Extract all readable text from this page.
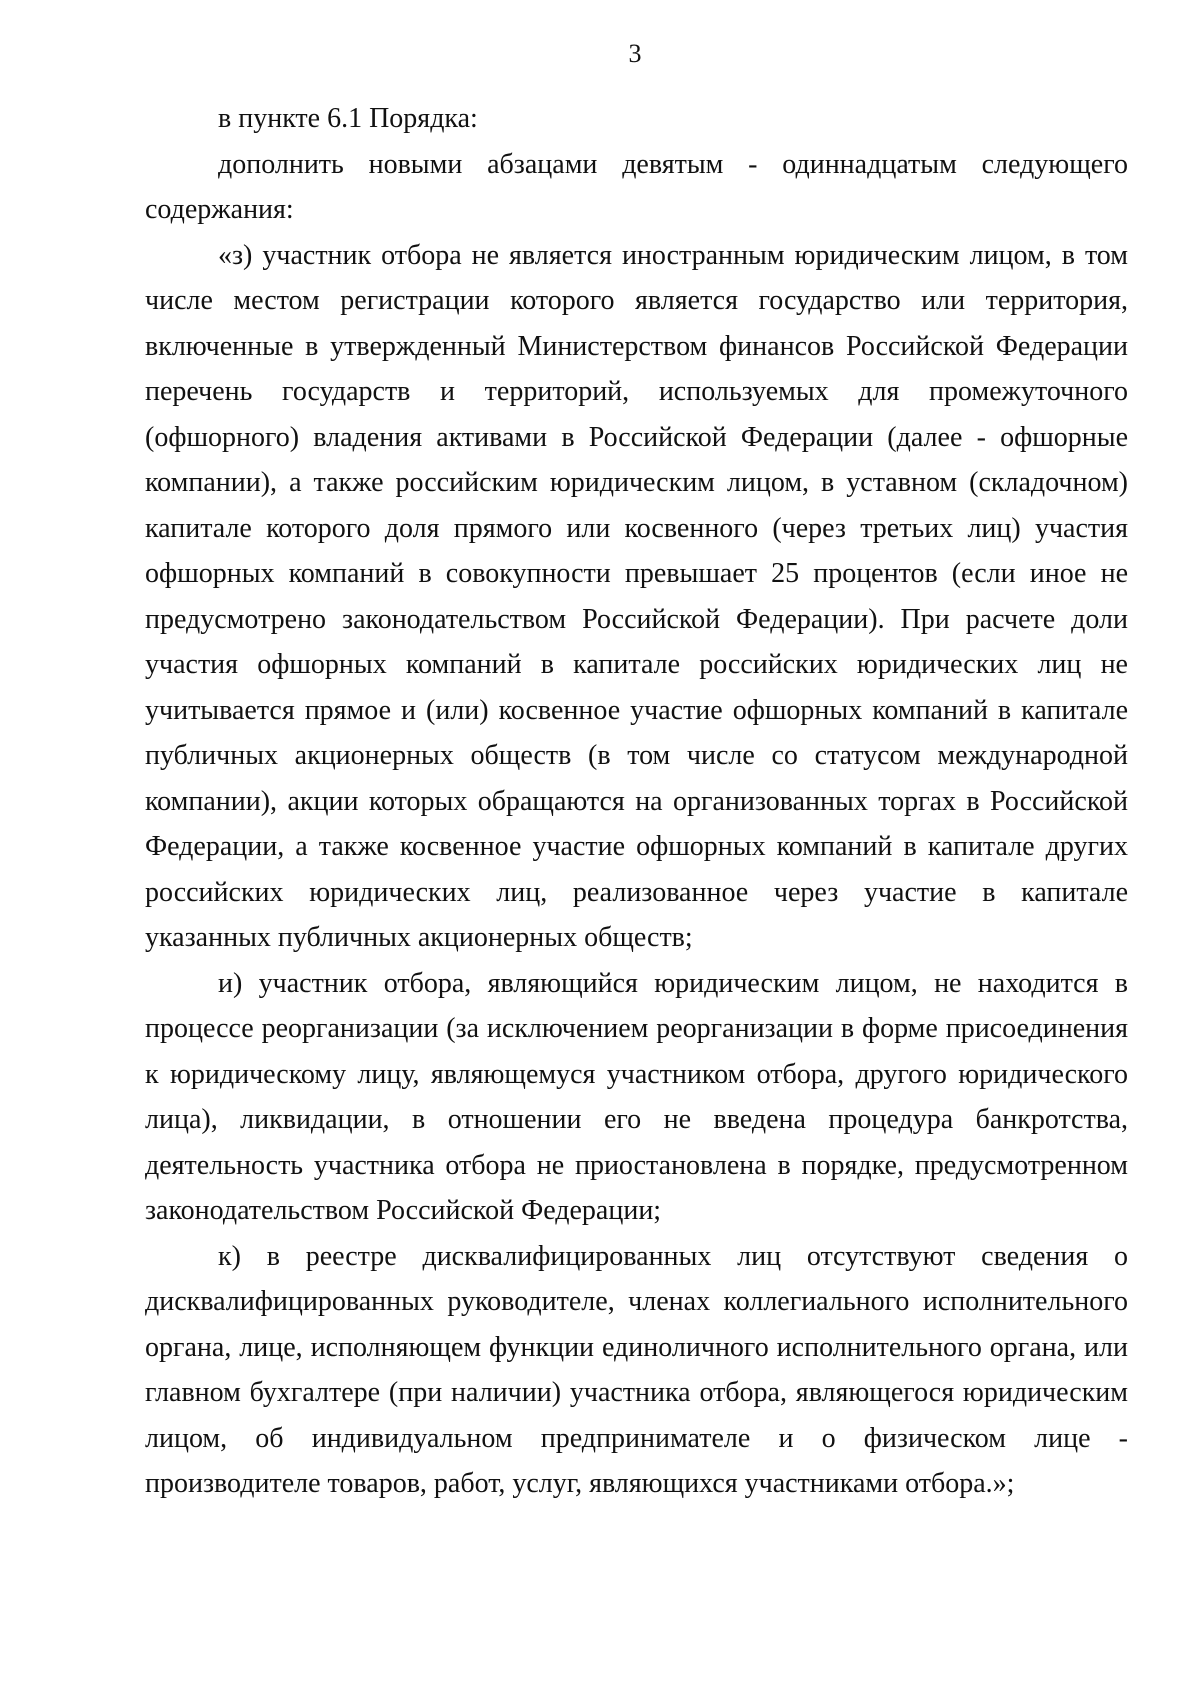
3

в пункте 6.1 Порядка:

дополнить новыми абзацами девятым - одиннадцатым следующего содержания:

«з) участник отбора не является иностранным юридическим лицом, в том числе местом регистрации которого является государство или территория, включенные в утвержденный Министерством финансов Российской Федерации перечень государств и территорий, используемых для промежуточного (офшорного) владения активами в Российской Федерации (далее - офшорные компании), а также российским юридическим лицом, в уставном (складочном) капитале которого доля прямого или косвенного (через третьих лиц) участия офшорных компаний в совокупности превышает 25 процентов (если иное не предусмотрено законодательством Российской Федерации). При расчете доли участия офшорных компаний в капитале российских юридических лиц не учитывается прямое и (или) косвенное участие офшорных компаний в капитале публичных акционерных обществ (в том числе со статусом международной компании), акции которых обращаются на организованных торгах в Российской Федерации, а также косвенное участие офшорных компаний в капитале других российских юридических лиц, реализованное через участие в капитале указанных публичных акционерных обществ;

и) участник отбора, являющийся юридическим лицом, не находится в процессе реорганизации (за исключением реорганизации в форме присоединения к юридическому лицу, являющемуся участником отбора, другого юридического лица), ликвидации, в отношении его не введена процедура банкротства, деятельность участника отбора не приостановлена в порядке, предусмотренном законодательством Российской Федерации;

к) в реестре дисквалифицированных лиц отсутствуют сведения о дисквалифицированных руководителе, членах коллегиального исполнительного органа, лице, исполняющем функции единоличного исполнительного органа, или главном бухгалтере (при наличии) участника отбора, являющегося юридическим лицом, об индивидуальном предпринимателе и о физическом лице - производителе товаров, работ, услуг, являющихся участниками отбора.»;
